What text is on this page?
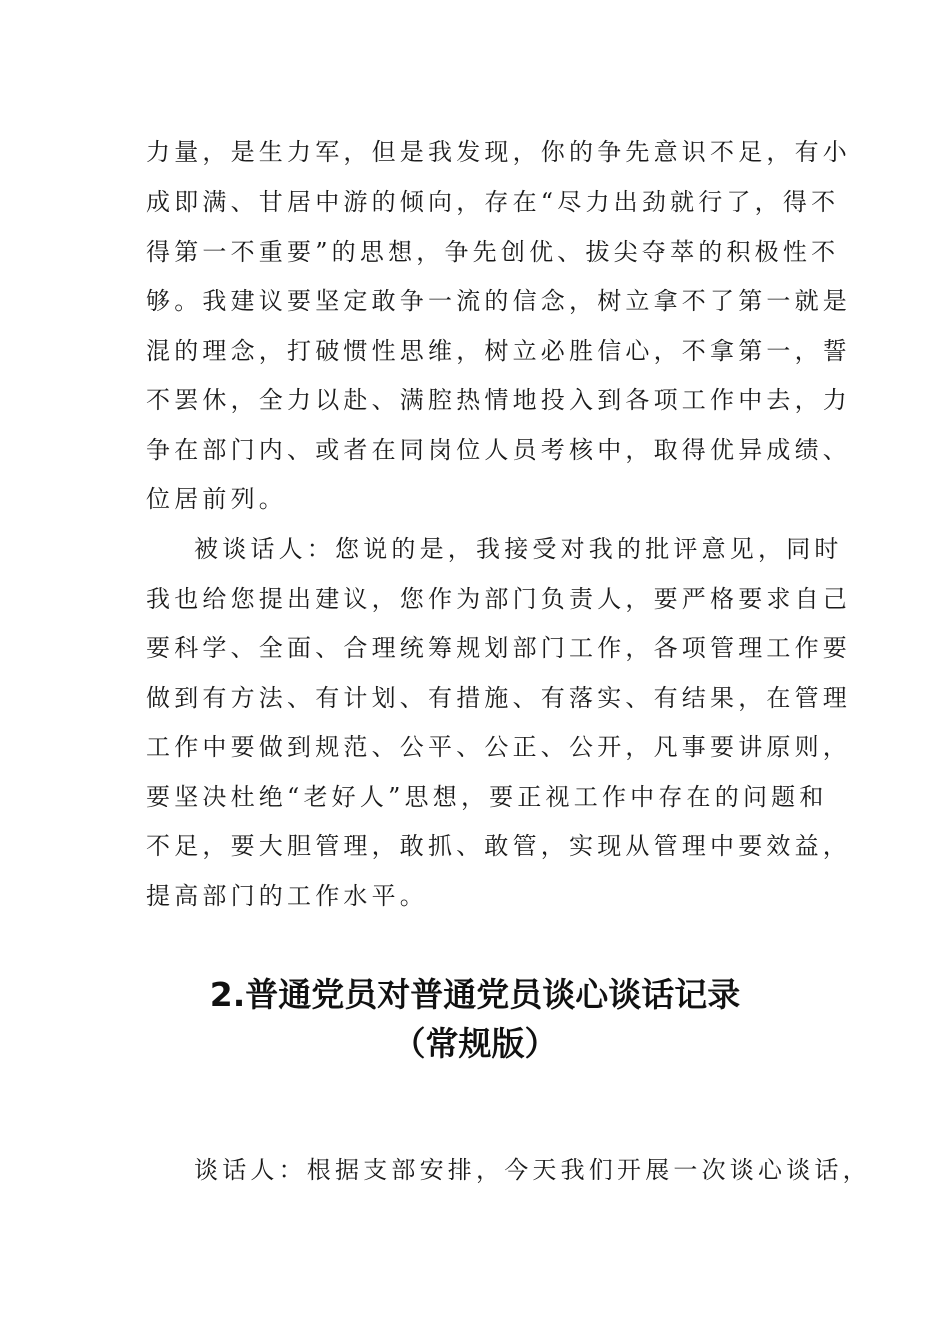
力量，是生力军，但是我发现，你的争先意识不足，有小
成即满、甘居中游的倾向，存在“尽力出劲就行了，得不
得第一不重要”的思想，争先创优、拔尖夺萃的积极性不
够。我建议要坚定敢争一流的信念，树立拿不了第一就是
混的理念，打破惯性思维，树立必胜信心，不拿第一，誓
不罢休，全力以赴、满腔热情地投入到各项工作中去，力
争在部门内、或者在同岗位人员考核中，取得优异成绩、
位居前列。
被谈话人：您说的是，我接受对我的批评意见，同时
我也给您提出建议，您作为部门负责人，要严格要求自己
要科学、全面、合理统筹规划部门工作，各项管理工作要
做到有方法、有计划、有措施、有落实、有结果，在管理
工作中要做到规范、公平、公正、公开，凡事要讲原则，
要坚决杜绝“老好人”思想，要正视工作中存在的问题和
不足，要大胆管理，敢抓、敢管，实现从管理中要效益，
提高部门的工作水平。
2.普通党员对普通党员谈心谈话记录
（常规版）
谈话人：根据支部安排，今天我们开展一次谈心谈话，
